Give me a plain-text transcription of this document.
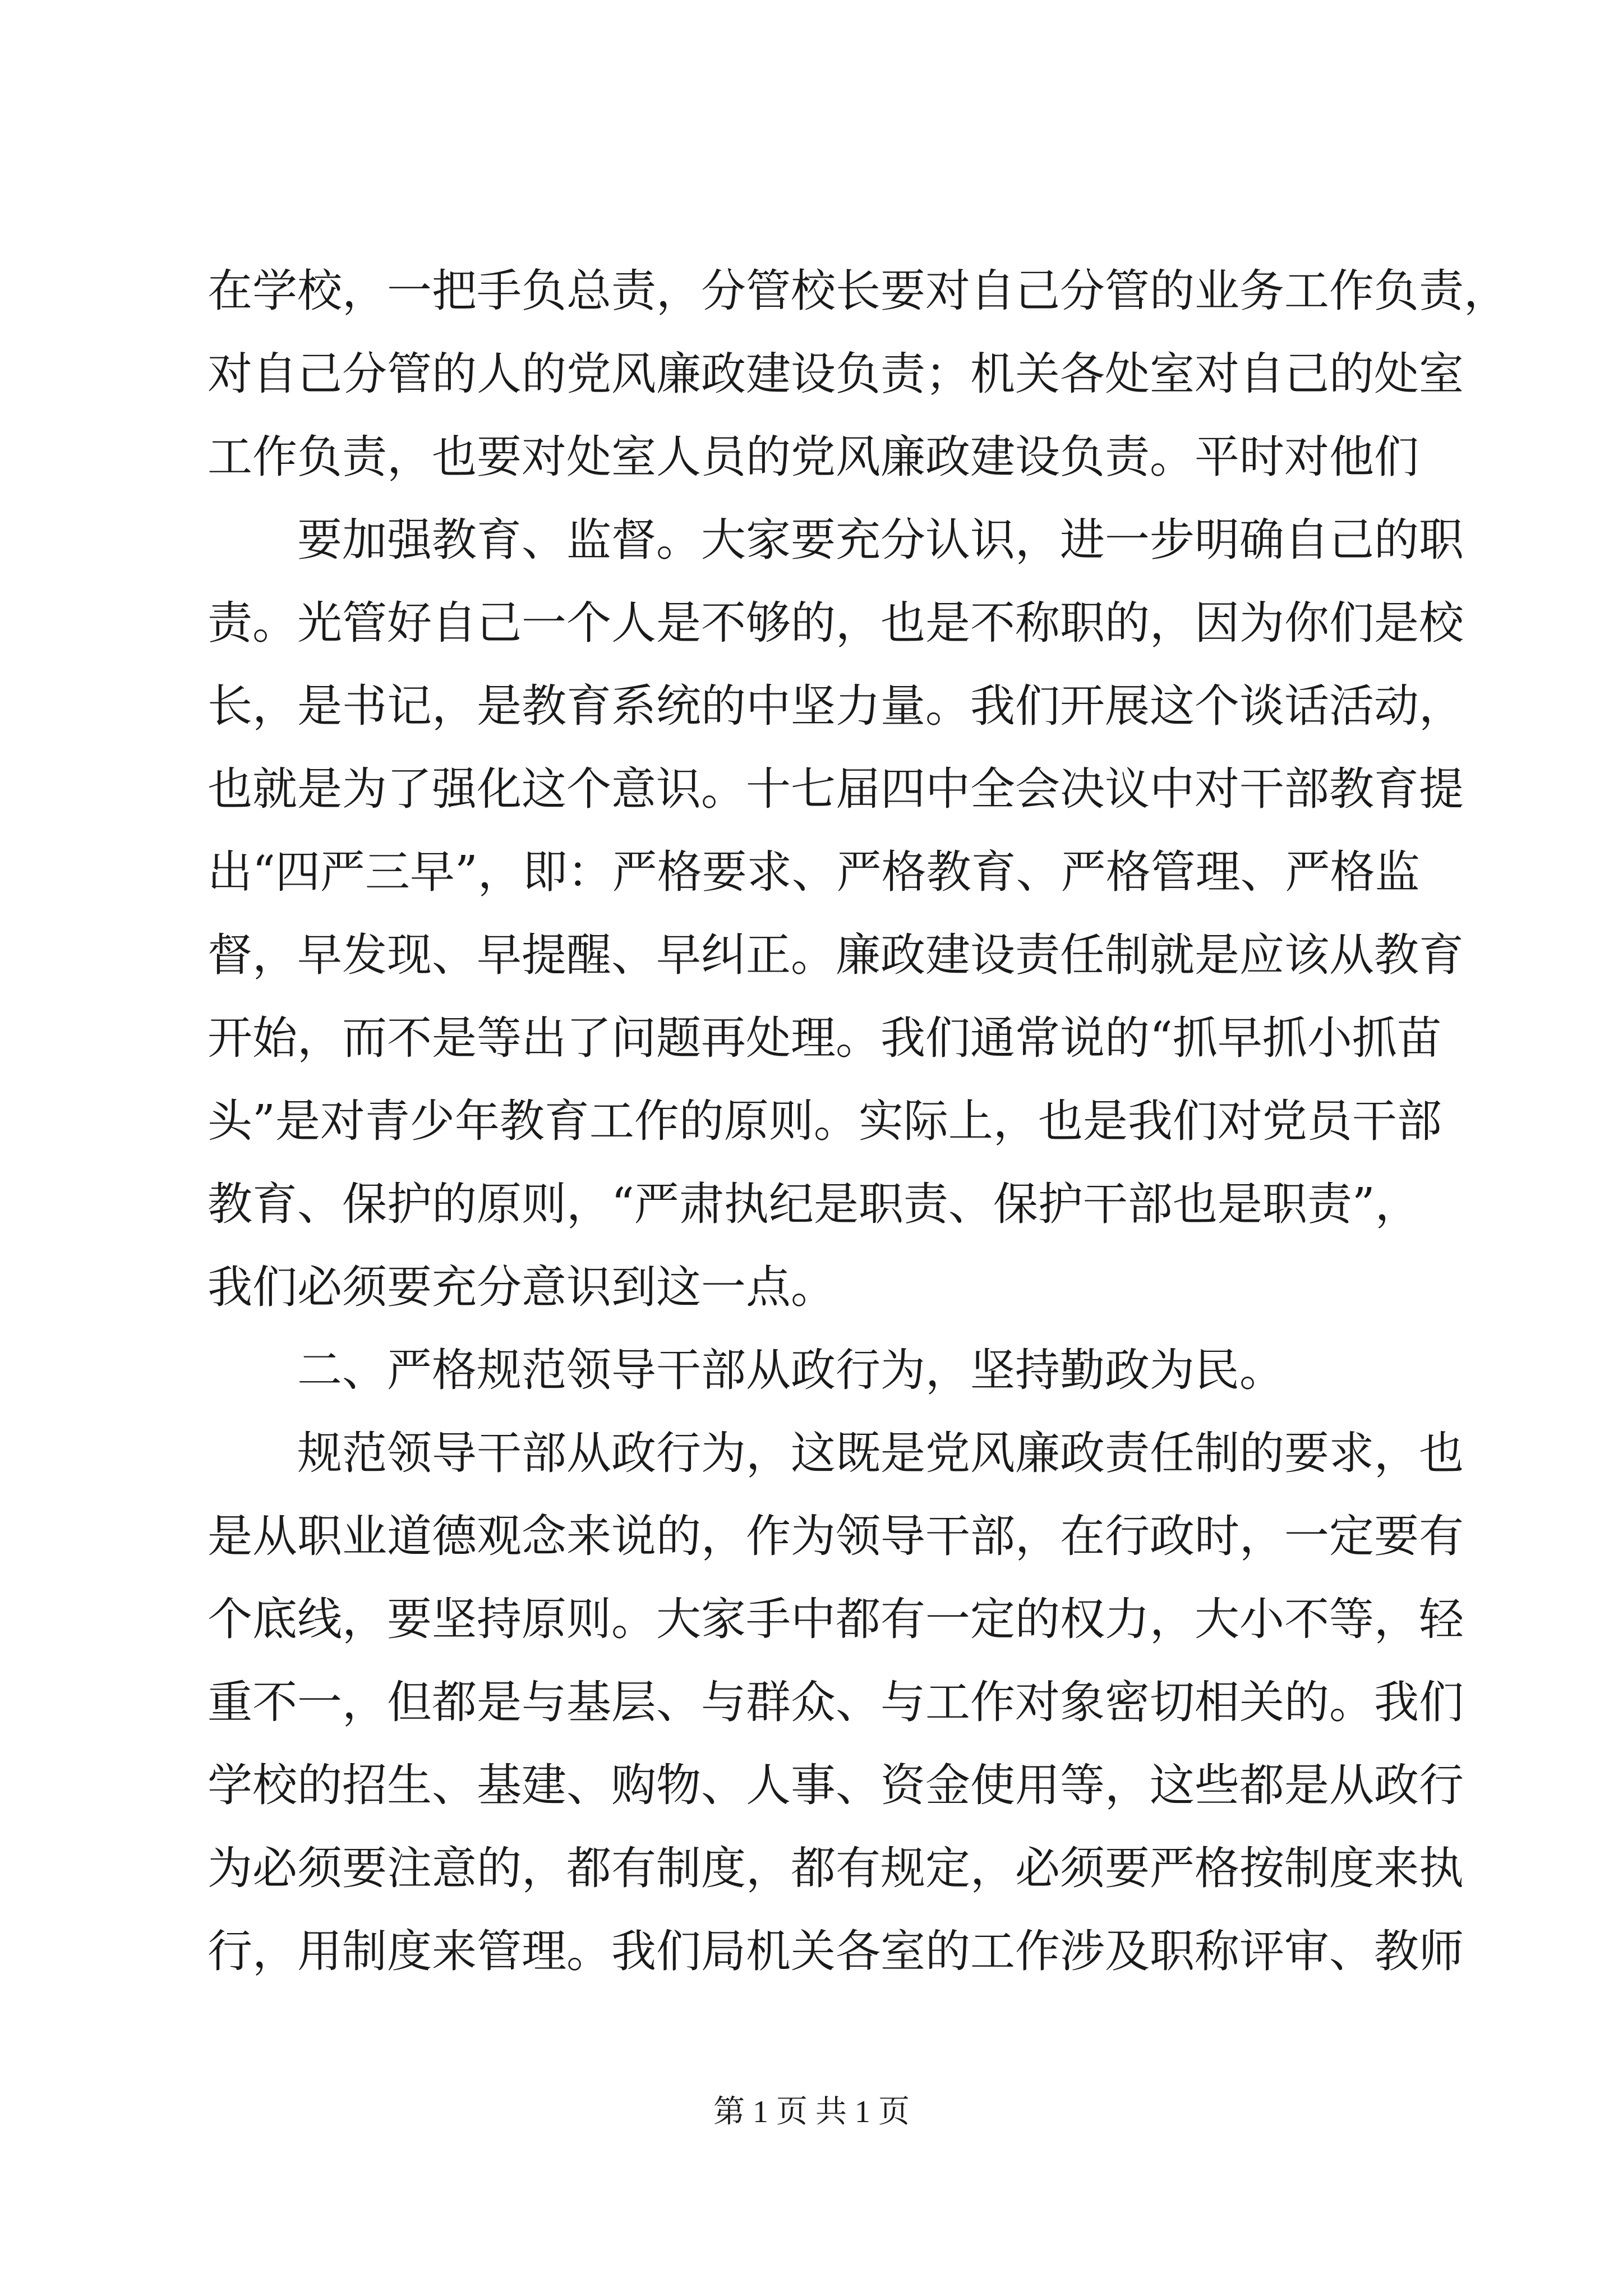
在学校，一把手负总责，分管校长要对自己分管的业务工作负责，
对自己分管的人的党风廉政建设负责；机关各处室对自己的处室
工作负责，也要对处室人员的党风廉政建设负责。平时对他们
要加强教育、监督。大家要充分认识，进一步明确自己的职
责。光管好自己一个人是不够的，也是不称职的，因为你们是校
长，是书记，是教育系统的中坚力量。我们开展这个谈话活动，
也就是为了强化这个意识。十七届四中全会决议中对干部教育提
出“四严三早”，即：严格要求、严格教育、严格管理、严格监
督，早发现、早提醒、早纠正。廉政建设责任制就是应该从教育
开始，而不是等出了问题再处理。我们通常说的“抓早抓小抓苗
头”是对青少年教育工作的原则。实际上，也是我们对党员干部
教育、保护的原则，“严肃执纪是职责、保护干部也是职责”，
我们必须要充分意识到这一点。
二、严格规范领导干部从政行为，坚持勤政为民。
规范领导干部从政行为，这既是党风廉政责任制的要求，也
是从职业道德观念来说的，作为领导干部，在行政时，一定要有
个底线，要坚持原则。大家手中都有一定的权力，大小不等，轻
重不一，但都是与基层、与群众、与工作对象密切相关的。我们
学校的招生、基建、购物、人事、资金使用等，这些都是从政行
为必须要注意的，都有制度，都有规定，必须要严格按制度来执
行，用制度来管理。我们局机关各室的工作涉及职称评审、教师
第 1 页 共 1 页
